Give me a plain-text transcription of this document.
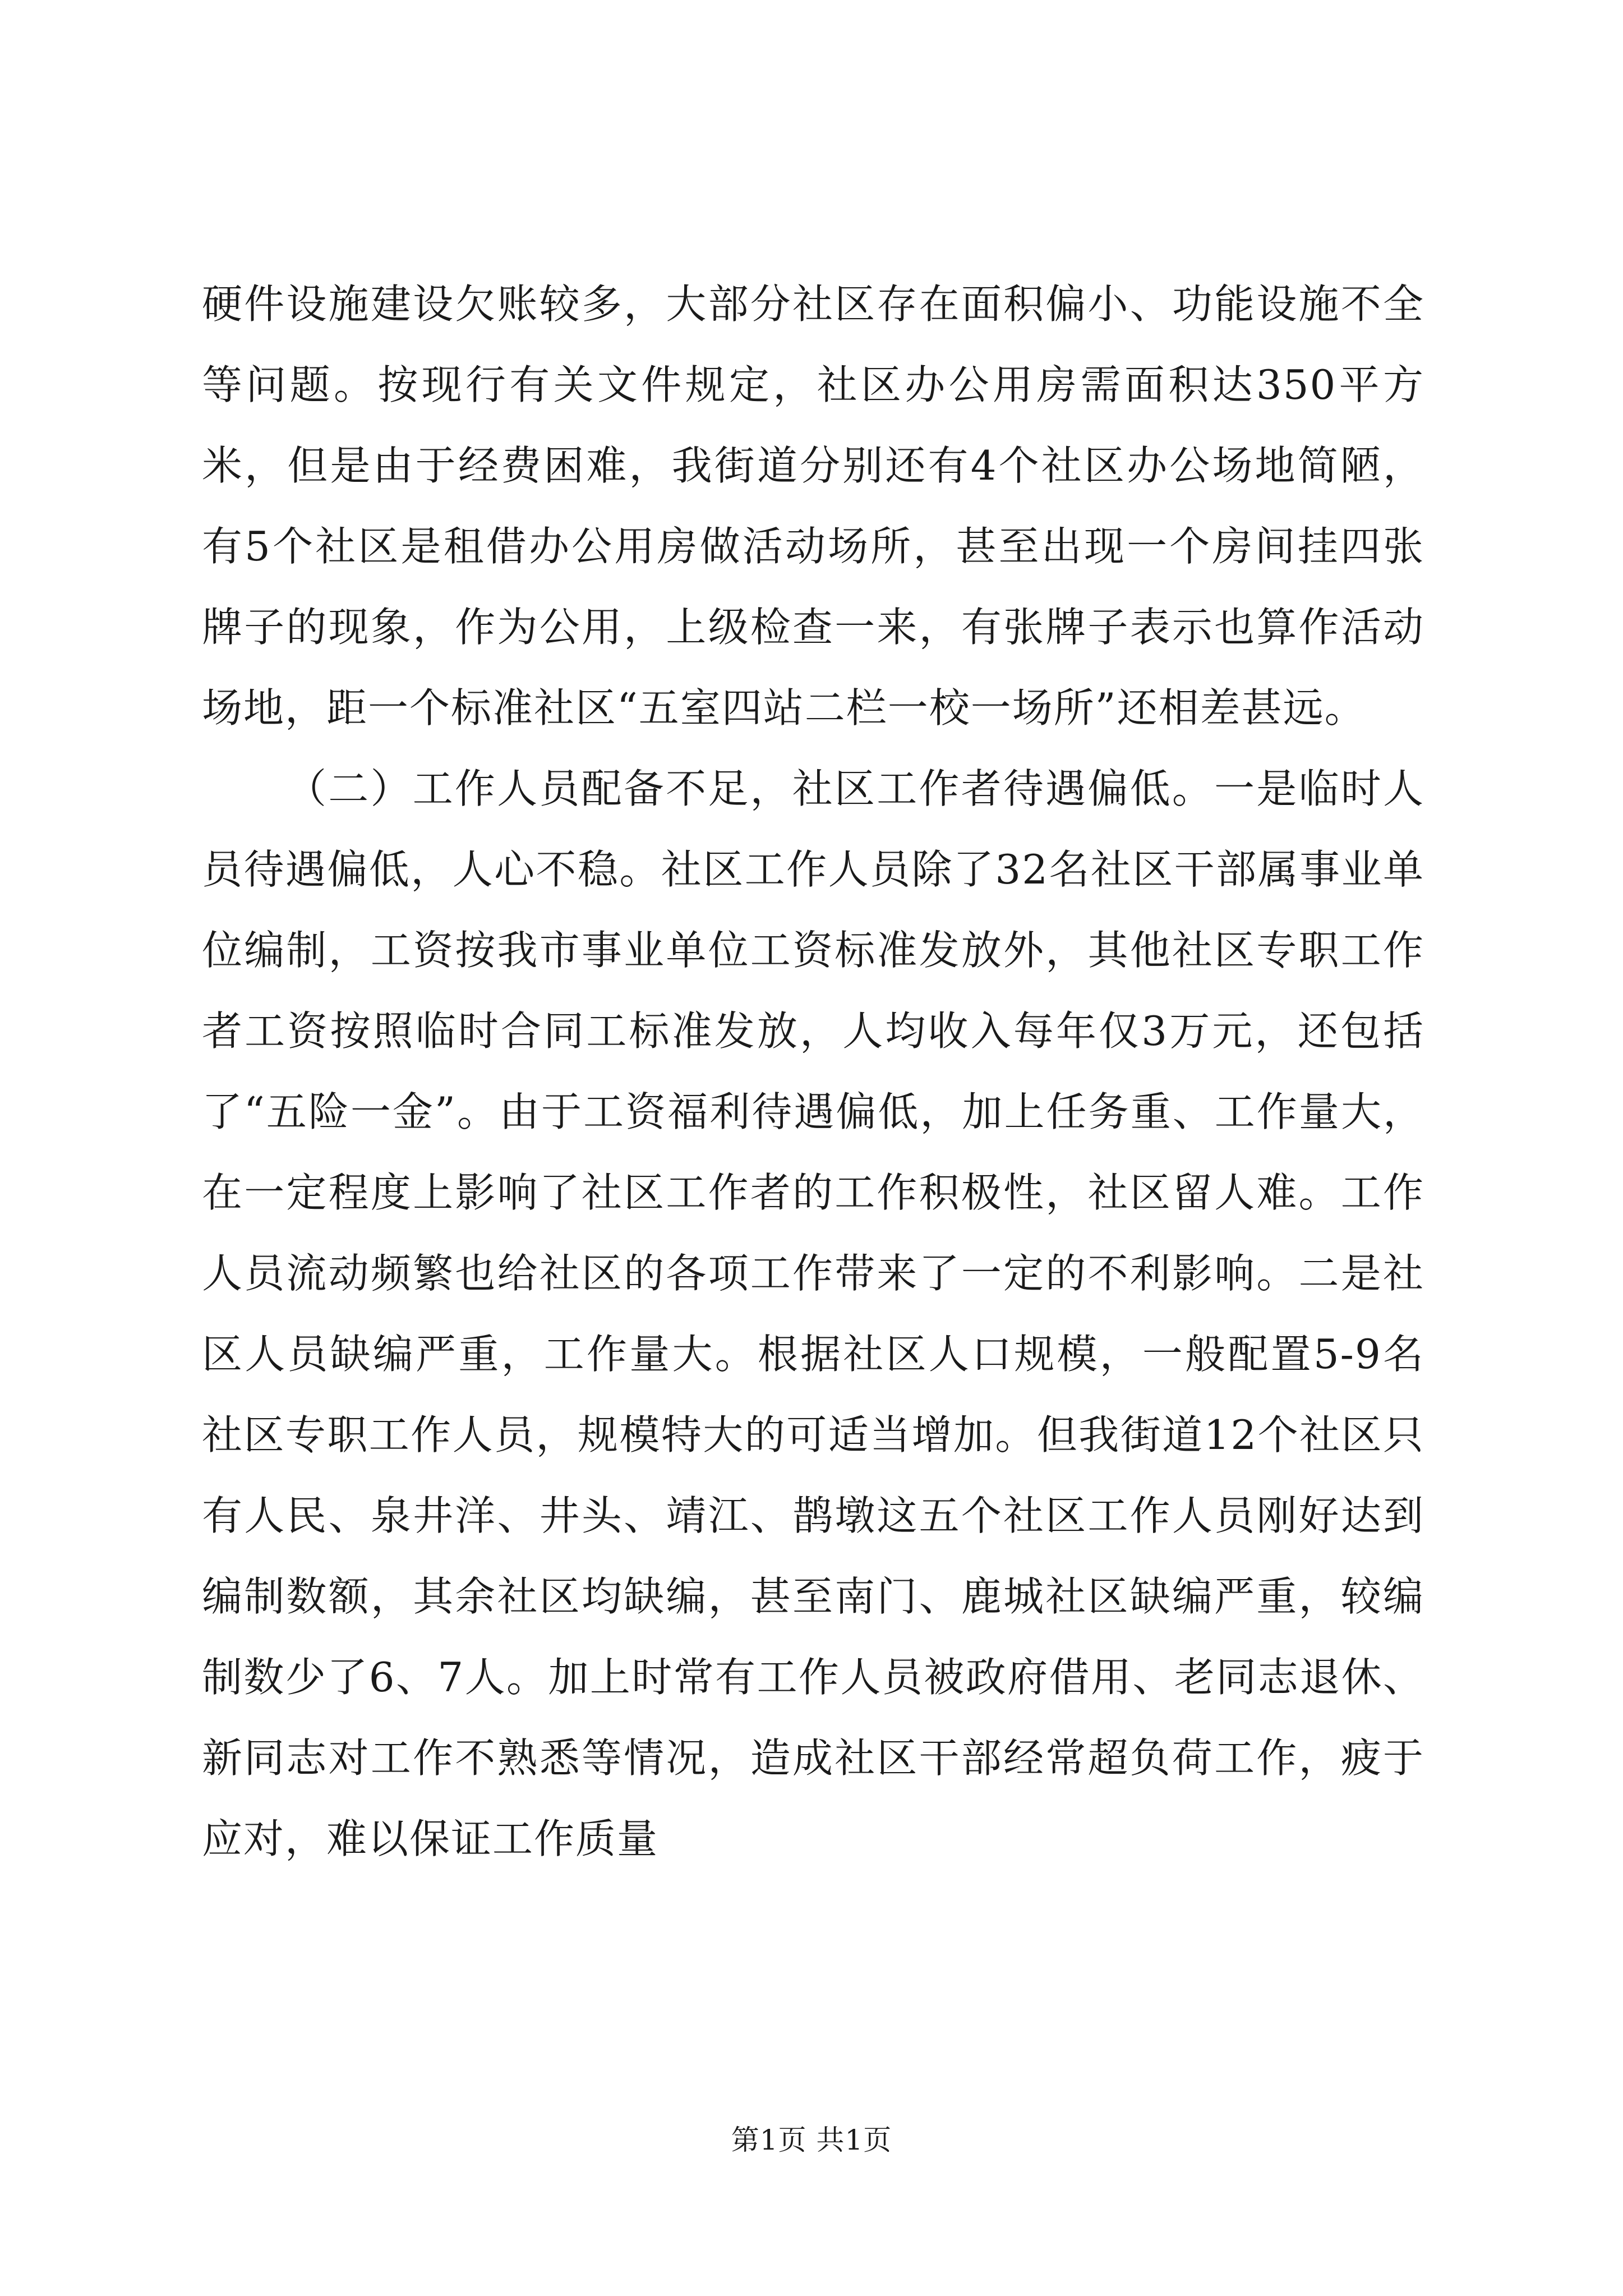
硬件设施建设欠账较多，大部分社区存在面积偏小、功能设施不全等问题。按现行有关文件规定，社区办公用房需面积达350平方米，但是由于经费困难，我街道分别还有4个社区办公场地简陋，有5个社区是租借办公用房做活动场所，甚至出现一个房间挂四张牌子的现象，作为公用，上级检查一来，有张牌子表示也算作活动场地，距一个标准社区“五室四站二栏一校一场所”还相差甚远。

（二）工作人员配备不足，社区工作者待遇偏低。一是临时人员待遇偏低，人心不稳。社区工作人员除了32名社区干部属事业单位编制，工资按我市事业单位工资标准发放外，其他社区专职工作者工资按照临时合同工标准发放，人均收入每年仅3万元，还包括了“五险一金”。由于工资福利待遇偏低，加上任务重、工作量大，在一定程度上影响了社区工作者的工作积极性，社区留人难。工作人员流动频繁也给社区的各项工作带来了一定的不利影响。二是社区人员缺编严重，工作量大。根据社区人口规模，一般配置5-9名社区专职工作人员，规模特大的可适当增加。但我街道12个社区只有人民、泉井洋、井头、靖江、鹊墩这五个社区工作人员刚好达到编制数额，其余社区均缺编，甚至南门、鹿城社区缺编严重，较编制数少了6、7人。加上时常有工作人员被政府借用、老同志退休、新同志对工作不熟悉等情况，造成社区干部经常超负荷工作，疲于应对，难以保证工作质量

第1页 共1页
